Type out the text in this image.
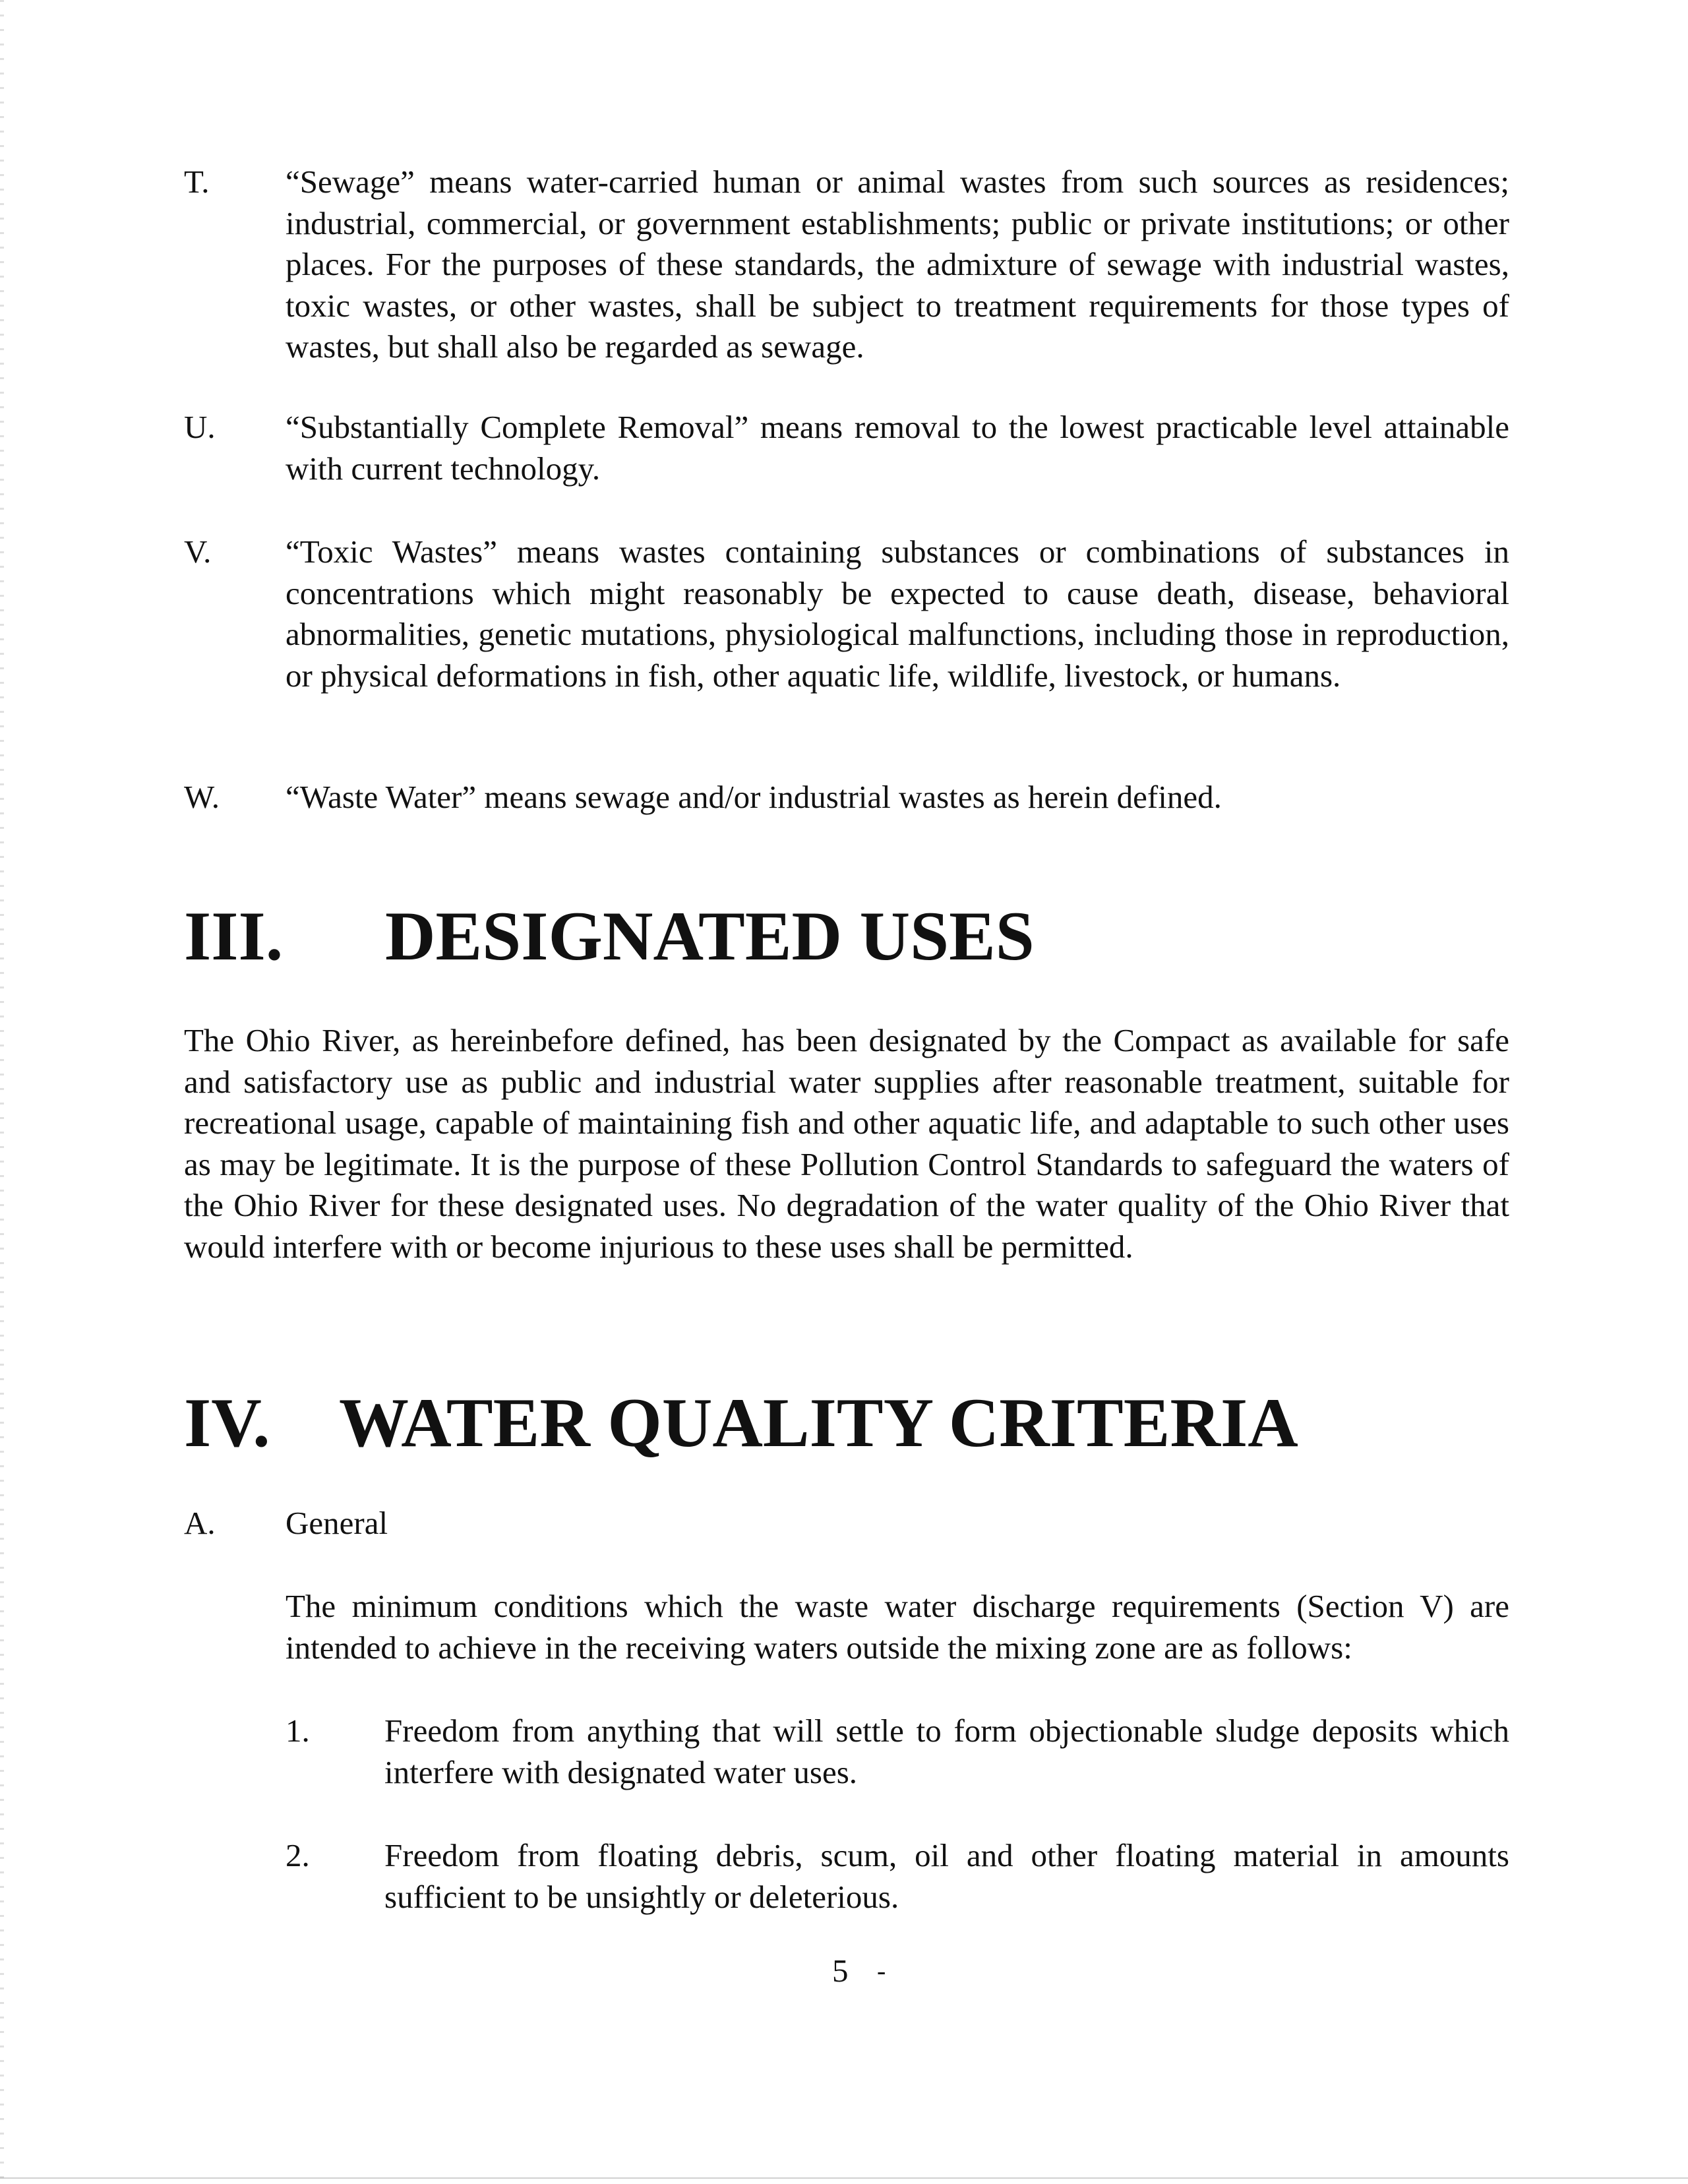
T. “Sewage” means water-carried human or animal wastes from such sources as residences; industrial, commercial, or government establishments; public or private institutions; or other places. For the purposes of these standards, the admixture of sewage with industrial wastes, toxic wastes, or other wastes, shall be subject to treatment requirements for those types of wastes, but shall also be regarded as sewage.
U. “Substantially Complete Removal” means removal to the lowest practicable level attainable with current technology.
V. “Toxic Wastes” means wastes containing substances or combinations of substances in concentrations which might reasonably be expected to cause death, disease, behavioral abnormalities, genetic mutations, physiological malfunctions, including those in reproduction, or physical deformations in fish, other aquatic life, wildlife, livestock, or humans.
W. “Waste Water” means sewage and/or industrial wastes as herein defined.
III. DESIGNATED USES
The Ohio River, as hereinbefore defined, has been designated by the Compact as available for safe and satisfactory use as public and industrial water supplies after reasonable treatment, suitable for recreational usage, capable of maintaining fish and other aquatic life, and adaptable to such other uses as may be legitimate. It is the purpose of these Pollution Control Standards to safeguard the waters of the Ohio River for these designated uses. No degradation of the water quality of the Ohio River that would interfere with or become injurious to these uses shall be permitted.
IV. WATER QUALITY CRITERIA
A. General
The minimum conditions which the waste water discharge requirements (Section V) are intended to achieve in the receiving waters outside the mixing zone are as follows:
1. Freedom from anything that will settle to form objectionable sludge deposits which interfere with designated water uses.
2. Freedom from floating debris, scum, oil and other floating material in amounts sufficient to be unsightly or deleterious.
5 -
